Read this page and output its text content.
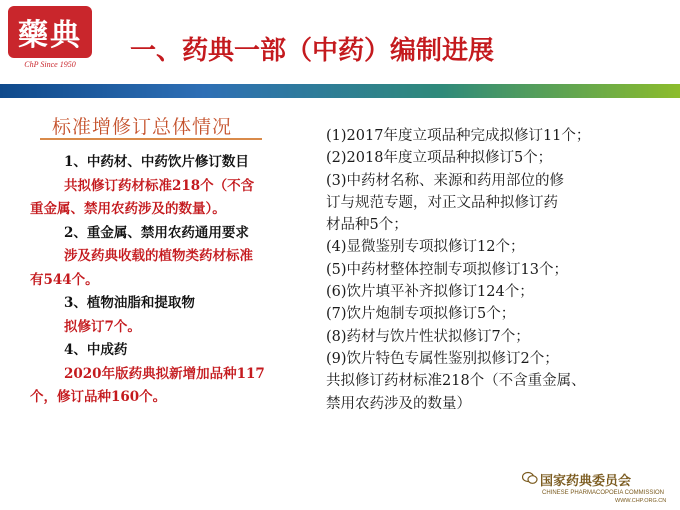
藥典
ChP Since 1950	一、药典一部（中药）编制进展
标准增修订总体情况
1、中药材、中药饮片修订数目
共拟修订药材标准218个（不含
重金属、禁用农药涉及的数量）。
2、重金属、禁用农药通用要求
涉及药典收载的植物类药材标准
有544个。
3、植物油脂和提取物
拟修订7个。
4、中成药
2020年版药典拟新增加品种117
个，修订品种160个。
(1)2017年度立项品种完成拟修订11个；
(2)2018年度立项品种拟修订5个；
(3)中药材名称、来源和药用部位的修
订与规范专题，对正文品种拟修订药
材品种5个；
(4)显微鉴别专项拟修订12个；
(5)中药材整体控制专项拟修订13个；
(6)饮片填平补齐拟修订124个；
(7)饮片炮制专项拟修订5个；
(8)药材与饮片性状拟修订7个；
(9)饮片特色专属性鉴别拟修订2个；
共拟修订药材标准218个（不含重金属、
禁用农药涉及的数量）
国家药典委员会
CHINESE PHARMACOPOEIA COMMISSION
WWW.CHP.ORG.CN
